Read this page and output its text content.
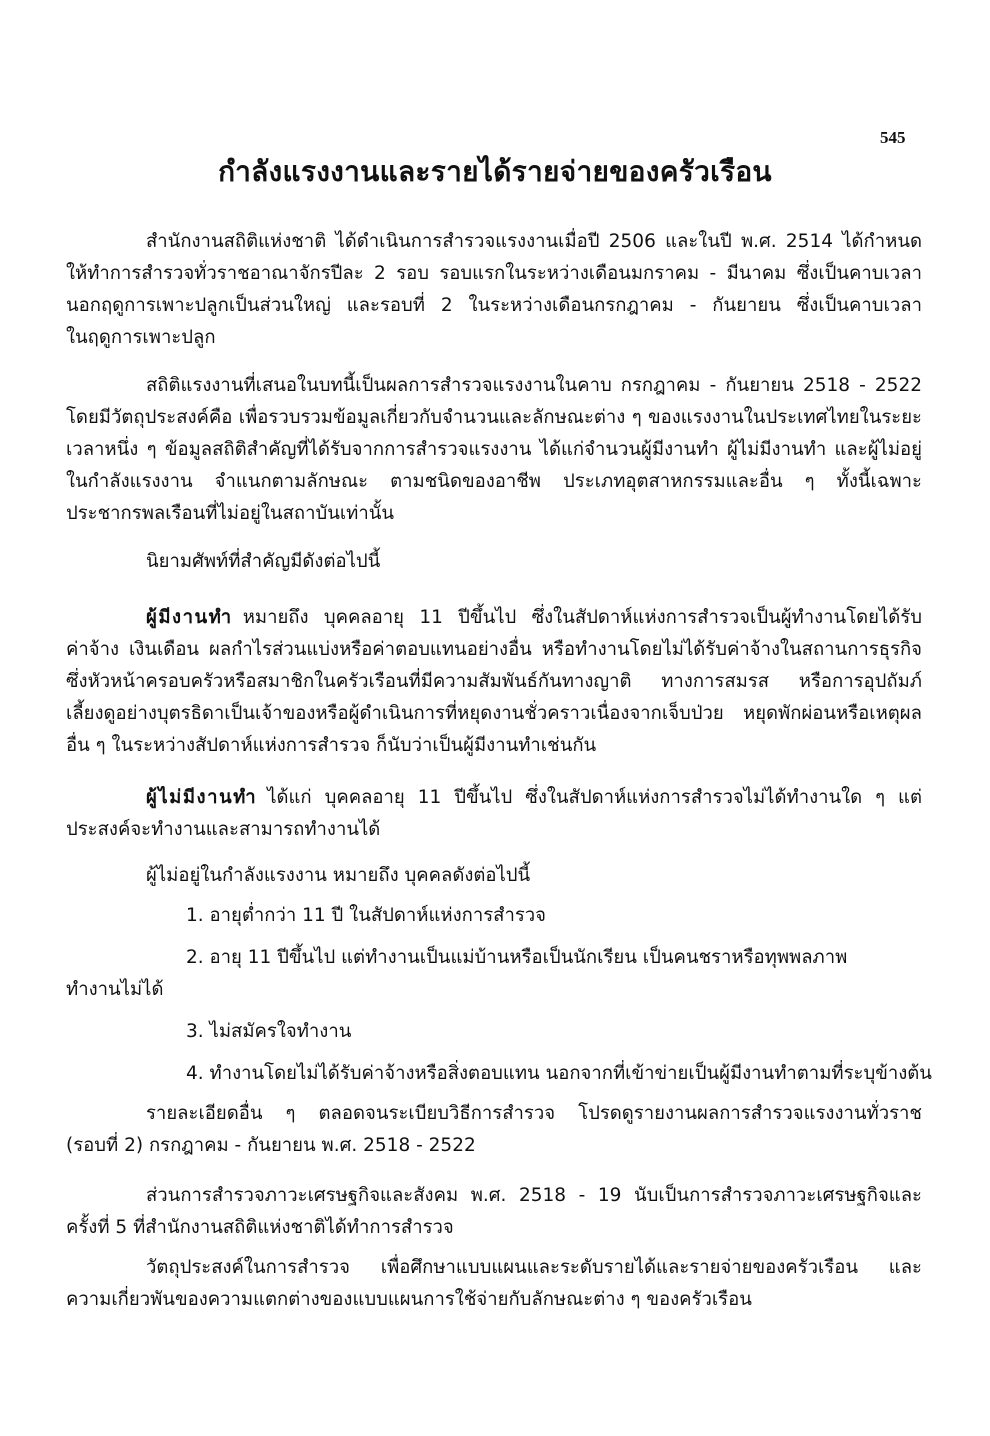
545
กำลังแรงงานและรายได้รายจ่ายของครัวเรือน
สำนักงานสถิติแห่งชาติ ได้ดำเนินการสำรวจแรงงานเมื่อปี 2506 และในปี พ.ศ. 2514 ได้กำหนด
ให้ทำการสำรวจทั่วราชอาณาจักรปีละ 2 รอบ รอบแรกในระหว่างเดือนมกราคม - มีนาคม ซึ่งเป็นคาบเวลา
นอกฤดูการเพาะปลูกเป็นส่วนใหญ่ และรอบที่ 2 ในระหว่างเดือนกรกฎาคม - กันยายน ซึ่งเป็นคาบเวลา
ในฤดูการเพาะปลูก
สถิติแรงงานที่เสนอในบทนี้เป็นผลการสำรวจแรงงานในคาบ กรกฎาคม - กันยายน 2518 - 2522
โดยมีวัตถุประสงค์คือ เพื่อรวบรวมข้อมูลเกี่ยวกับจำนวนและลักษณะต่าง ๆ ของแรงงานในประเทศไทยในระยะ
เวลาหนึ่ง ๆ ข้อมูลสถิติสำคัญที่ได้รับจากการสำรวจแรงงาน ได้แก่จำนวนผู้มีงานทำ ผู้ไม่มีงานทำ และผู้ไม่อยู่
ในกำลังแรงงาน จำแนกตามลักษณะ ตามชนิดของอาชีพ ประเภทอุตสาหกรรมและอื่น ๆ ทั้งนี้เฉพาะ
ประชากรพลเรือนที่ไม่อยู่ในสถาบันเท่านั้น
นิยามศัพท์ที่สำคัญมีดังต่อไปนี้
ผู้มีงานทำ หมายถึง บุคคลอายุ 11 ปีขึ้นไป ซึ่งในสัปดาห์แห่งการสำรวจเป็นผู้ทำงานโดยได้รับ
ค่าจ้าง เงินเดือน ผลกำไรส่วนแบ่งหรือค่าตอบแทนอย่างอื่น หรือทำงานโดยไม่ได้รับค่าจ้างในสถานการธุรกิจ
ซึ่งหัวหน้าครอบครัวหรือสมาชิกในครัวเรือนที่มีความสัมพันธ์กันทางญาติ ทางการสมรส หรือการอุปถัมภ์
เลี้ยงดูอย่างบุตรธิดาเป็นเจ้าของหรือผู้ดำเนินการที่หยุดงานชั่วคราวเนื่องจากเจ็บป่วย หยุดพักผ่อนหรือเหตุผล
อื่น ๆ ในระหว่างสัปดาห์แห่งการสำรวจ ก็นับว่าเป็นผู้มีงานทำเช่นกัน
ผู้ไม่มีงานทำ ได้แก่ บุคคลอายุ 11 ปีขึ้นไป ซึ่งในสัปดาห์แห่งการสำรวจไม่ได้ทำงานใด ๆ แต่
ประสงค์จะทำงานและสามารถทำงานได้
ผู้ไม่อยู่ในกำลังแรงงาน หมายถึง บุคคลดังต่อไปนี้
1. อายุต่ำกว่า 11 ปี ในสัปดาห์แห่งการสำรวจ
2. อายุ 11 ปีขึ้นไป แต่ทำงานเป็นแม่บ้านหรือเป็นนักเรียน เป็นคนชราหรือทุพพลภาพ
ทำงานไม่ได้
3. ไม่สมัครใจทำงาน
4. ทำงานโดยไม่ได้รับค่าจ้างหรือสิ่งตอบแทน นอกจากที่เข้าข่ายเป็นผู้มีงานทำตามที่ระบุข้างต้น
รายละเอียดอื่น ๆ ตลอดจนระเบียบวิธีการสำรวจ โปรดดูรายงานผลการสำรวจแรงงานทั่วราช
(รอบที่ 2) กรกฎาคม - กันยายน พ.ศ. 2518 - 2522
ส่วนการสำรวจภาวะเศรษฐกิจและสังคม พ.ศ. 2518 - 19 นับเป็นการสำรวจภาวะเศรษฐกิจและ
ครั้งที่ 5 ที่สำนักงานสถิติแห่งชาติได้ทำการสำรวจ
วัตถุประสงค์ในการสำรวจ เพื่อศึกษาแบบแผนและระดับรายได้และรายจ่ายของครัวเรือน และ
ความเกี่ยวพันของความแตกต่างของแบบแผนการใช้จ่ายกับลักษณะต่าง ๆ ของครัวเรือน
